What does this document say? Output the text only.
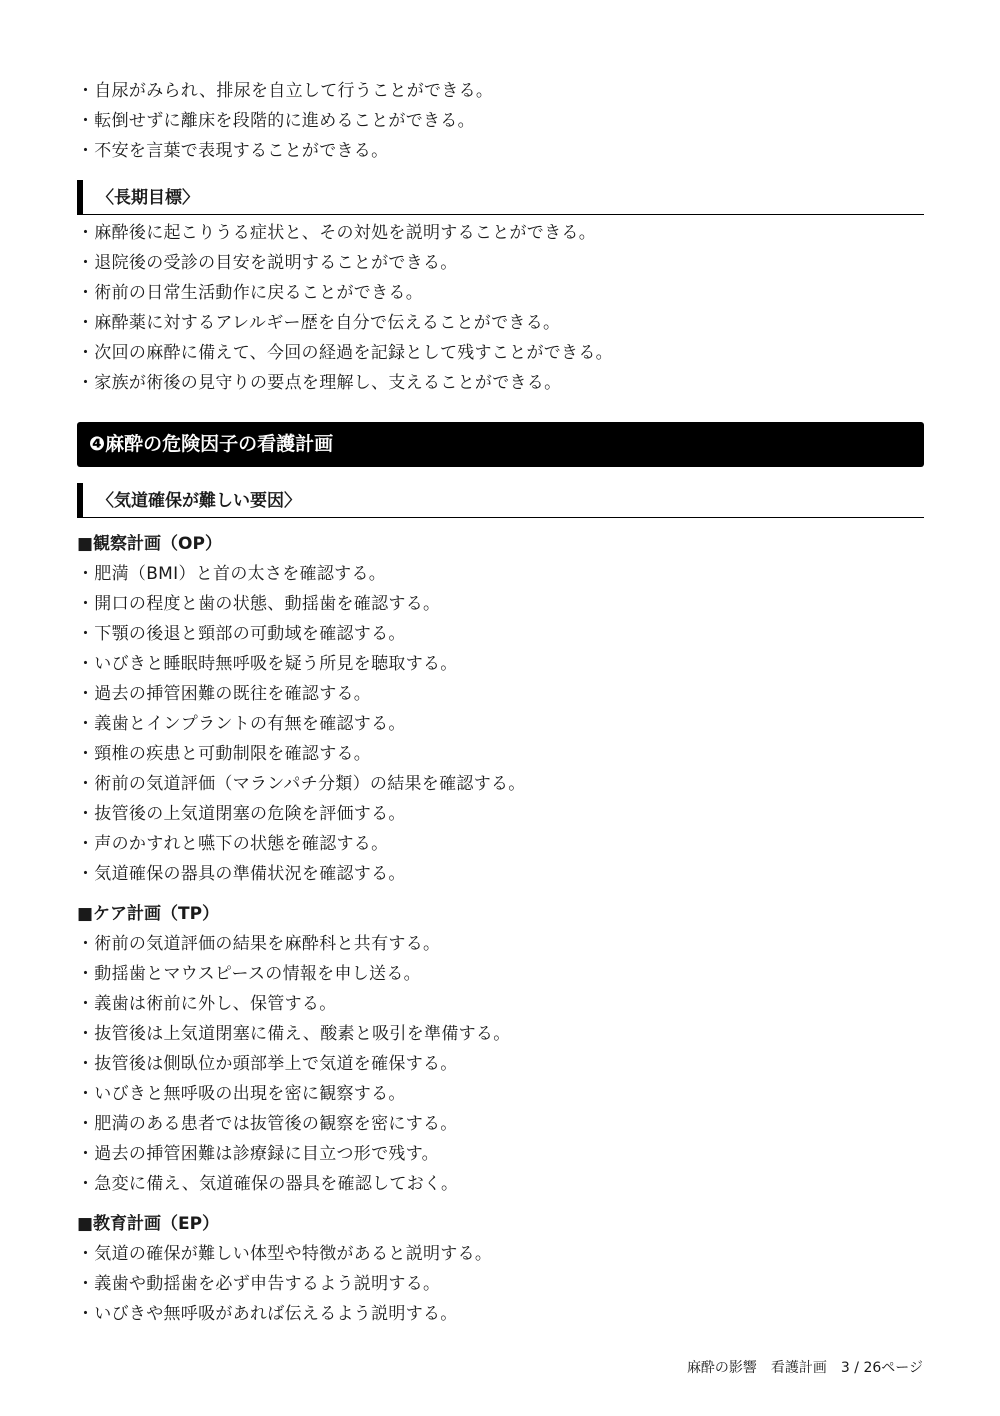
・自尿がみられ、排尿を自立して行うことができる。
・転倒せずに離床を段階的に進めることができる。
・不安を言葉で表現することができる。
〈長期目標〉
・麻酔後に起こりうる症状と、その対処を説明することができる。
・退院後の受診の目安を説明することができる。
・術前の日常生活動作に戻ることができる。
・麻酔薬に対するアレルギー歴を自分で伝えることができる。
・次回の麻酔に備えて、今回の経過を記録として残すことができる。
・家族が術後の見守りの要点を理解し、支えることができる。
❹麻酔の危険因子の看護計画
〈気道確保が難しい要因〉
■観察計画（OP）
・肥満（BMI）と首の太さを確認する。
・開口の程度と歯の状態、動揺歯を確認する。
・下顎の後退と頸部の可動域を確認する。
・いびきと睡眠時無呼吸を疑う所見を聴取する。
・過去の挿管困難の既往を確認する。
・義歯とインプラントの有無を確認する。
・頸椎の疾患と可動制限を確認する。
・術前の気道評価（マランパチ分類）の結果を確認する。
・抜管後の上気道閉塞の危険を評価する。
・声のかすれと嚥下の状態を確認する。
・気道確保の器具の準備状況を確認する。
■ケア計画（TP）
・術前の気道評価の結果を麻酔科と共有する。
・動揺歯とマウスピースの情報を申し送る。
・義歯は術前に外し、保管する。
・抜管後は上気道閉塞に備え、酸素と吸引を準備する。
・抜管後は側臥位か頭部挙上で気道を確保する。
・いびきと無呼吸の出現を密に観察する。
・肥満のある患者では抜管後の観察を密にする。
・過去の挿管困難は診療録に目立つ形で残す。
・急変に備え、気道確保の器具を確認しておく。
■教育計画（EP）
・気道の確保が難しい体型や特徴があると説明する。
・義歯や動揺歯を必ず申告するよう説明する。
・いびきや無呼吸があれば伝えるよう説明する。
麻酔の影響　看護計画　3 / 26ページ
